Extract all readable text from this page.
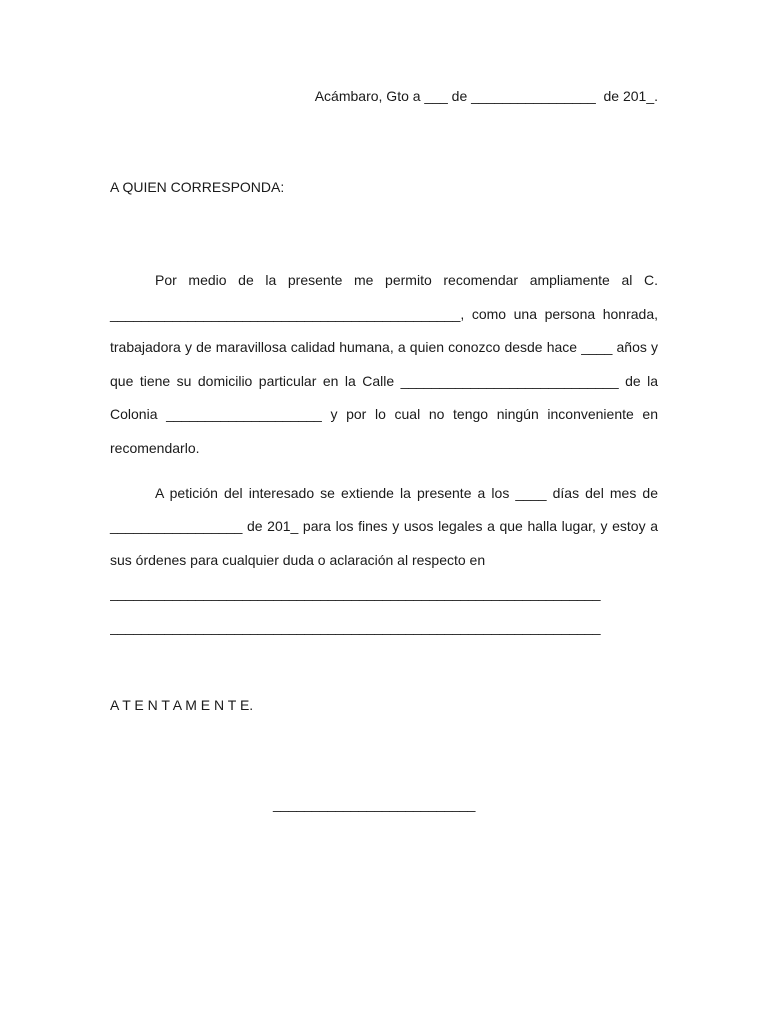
Acámbaro, Gto a ___ de ________________  de 201_.
A QUIEN CORRESPONDA:

Por medio de la presente me permito recomendar ampliamente al C. _____________________________________________, como una persona honrada, trabajadora y de maravillosa calidad humana, a quien conozco desde hace ____ años y que tiene su domicilio particular en la Calle ____________________________ de la Colonia ____________________ y por lo cual no tengo ningún inconveniente en recomendarlo.

A petición del interesado se extiende la presente a los ____ días del mes de _________________ de 201_ para los fines y usos legales a que halla lugar, y estoy a sus órdenes para cualquier duda o aclaración al respecto en

_______________________________________________________________

_______________________________________________________________

A T E N T A M E N T E.
__________________________
